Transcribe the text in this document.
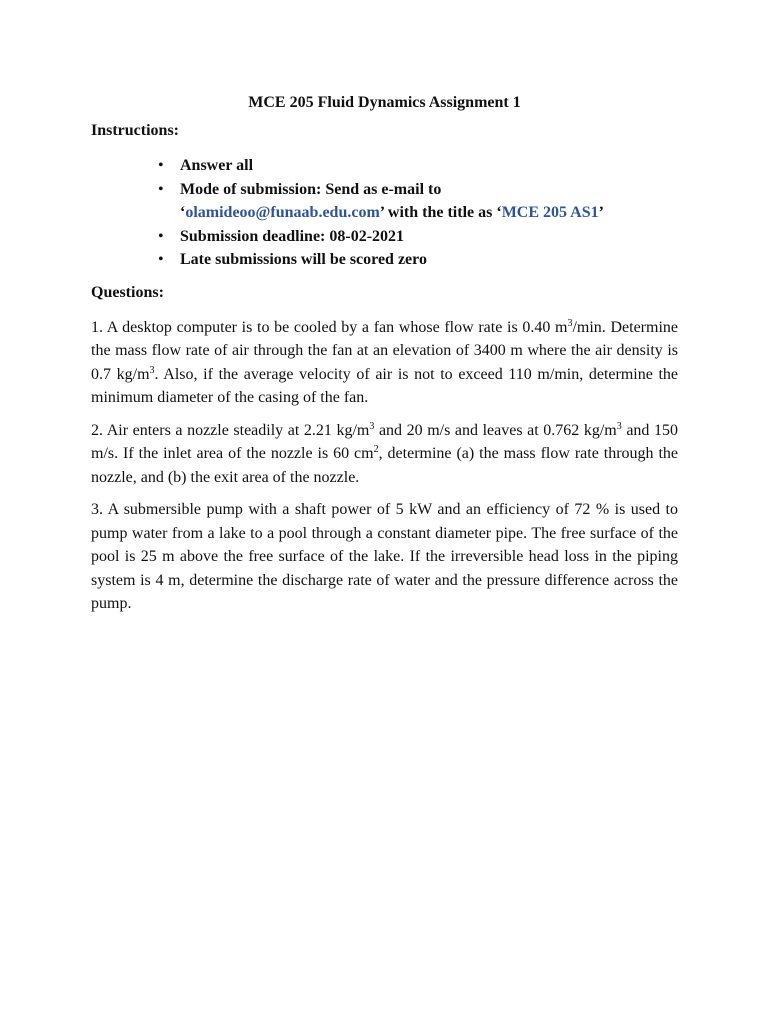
MCE 205 Fluid Dynamics Assignment 1
Instructions:
• Answer all
• Mode of submission: Send as e-mail to
‘olamideoo@funaab.edu.com’ with the title as ‘MCE 205 AS1’
• Submission deadline: 08-02-2021
• Late submissions will be scored zero
Questions:

1. A desktop computer is to be cooled by a fan whose flow rate is 0.40 $m^3/\min$. Determine the mass flow rate of air through the fan at an elevation of 3400 m where the air density is 0.7 $kg/m^3$. Also, if the average velocity of air is not to exceed 110 m/min, determine the minimum diameter of the casing of the fan.

2. Air enters a nozzle steadily at 2.21 $kg/m^3$ and 20 m/s and leaves at 0.762 $kg/m^3$ and 150 m/s. If the inlet area of the nozzle is 60 $cm^2$, determine (a) the mass flow rate through the nozzle, and (b) the exit area of the nozzle.

3. A submersible pump with a shaft power of 5 kW and an efficiency of 72 % is used to pump water from a lake to a pool through a constant diameter pipe. The free surface of the pool is 25 m above the free surface of the lake. If the irreversible head loss in the piping system is 4 m, determine the discharge rate of water and the pressure difference across the pump.
